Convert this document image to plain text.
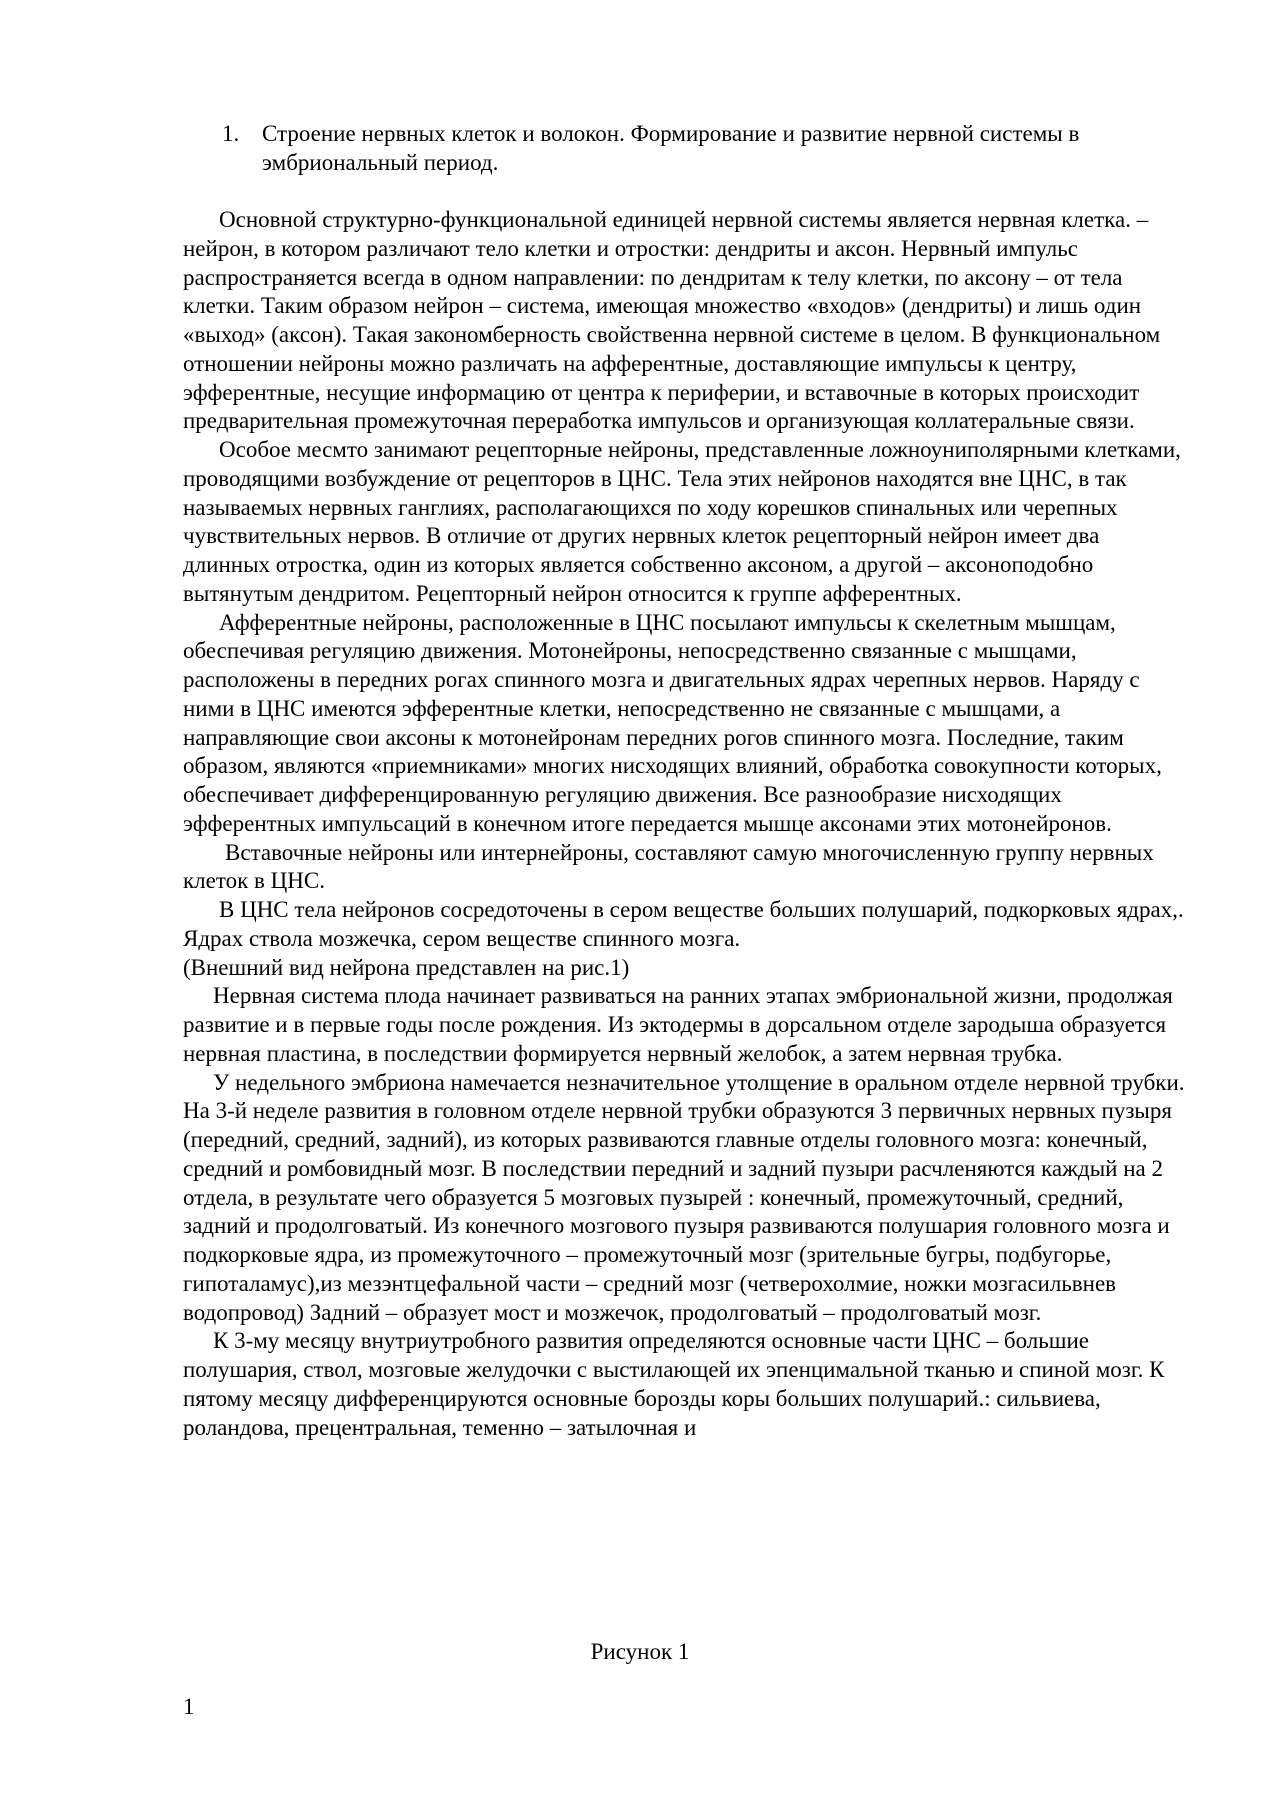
1. Строение нервных клеток и волокон. Формирование и развитие нервной системы в эмбриональный период.

Основной структурно-функциональной единицей нервной системы является нервная клетка. – нейрон, в котором различают тело клетки и отростки: дендриты и аксон. Нервный импульс распространяется всегда в одном направлении: по дендритам к телу клетки, по аксону – от тела клетки. Таким образом нейрон – система, имеющая множество «входов» (дендриты) и лишь один «выход» (аксон). Такая закономберность свойственна нервной системе в целом. В функциональном отношении нейроны можно различать на афферентные, доставляющие импульсы к центру, эфферентные, несущие информацию от центра к периферии, и вставочные в которых происходит предварительная промежуточная переработка импульсов и организующая коллатеральные связи.

Особое месмто занимают рецепторные нейроны, представленные ложноуниполярными клетками, проводящими возбуждение от рецепторов в ЦНС. Тела этих нейронов находятся вне ЦНС, в так называемых нервных ганглиях, располагающихся по ходу корешков спинальных или черепных чувствительных нервов. В отличие от других нервных клеток рецепторный нейрон имеет два длинных отростка, один из которых является собственно аксоном, а другой – аксоноподобно вытянутым дендритом. Рецепторный нейрон относится к группе афферентных.

Афферентные нейроны, расположенные в ЦНС посылают импульсы к скелетным мышцам, обеспечивая регуляцию движения. Мотонейроны, непосредственно связанные с мышцами, расположены в передних рогах спинного мозга и двигательных ядрах черепных нервов. Наряду с ними в ЦНС имеются эфферентные клетки, непосредственно не связанные с мышцами, а направляющие свои аксоны к мотонейронам передних рогов спинного мозга. Последние, таким образом, являются «приемниками» многих нисходящих влияний, обработка совокупности которых, обеспечивает дифференцированную регуляцию движения. Все разнообразие нисходящих эфферентных импульсаций в конечном итоге передается мышце аксонами этих мотонейронов.

Вставочные нейроны или интернейроны, составляют самую многочисленную группу нервных клеток в ЦНС.

В ЦНС тела нейронов сосредоточены в сером веществе больших полушарий, подкорковых ядрах,. Ядрах ствола мозжечка, сером веществе спинного мозга.

(Внешний вид нейрона представлен на рис.1)

Нервная система плода начинает развиваться на ранних этапах эмбриональной жизни, продолжая развитие и в первые годы после рождения. Из эктодермы в дорсальном отделе зародыша образуется нервная пластина, в последствии формируется нервный желобок, а затем нервная трубка.

У недельного эмбриона намечается незначительное утолщение в оральном отделе нервной трубки. На 3-й неделе развития в головном отделе нервной трубки образуются 3 первичных нервных пузыря (передний, средний, задний), из которых развиваются главные отделы головного мозга: конечный, средний и ромбовидный мозг. В последствии передний и задний пузыри расчленяются каждый на 2 отдела, в результате чего образуется 5 мозговых пузырей : конечный, промежуточный, средний, задний и продолговатый. Из конечного мозгового пузыря развиваются полушария головного мозга и подкорковые ядра, из промежуточного – промежуточный мозг (зрительные бугры, подбугорье, гипоталамус),из мезэнтцефальной части – средний мозг (четверохолмие, ножки мозгасильвнев водопровод) Задний – образует мост и мозжечок, продолговатый – продолговатый мозг.

К 3-му месяцу внутриутробного развития определяются основные части ЦНС – большие полушария, ствол, мозговые желудочки с выстилающей их эпенцимальной тканью и спиной мозг. К пятому месяцу дифференцируются основные борозды коры больших полушарий.: сильвиева, роландова, прецентральная, теменно – затылочная и

Рисунок 1
1
